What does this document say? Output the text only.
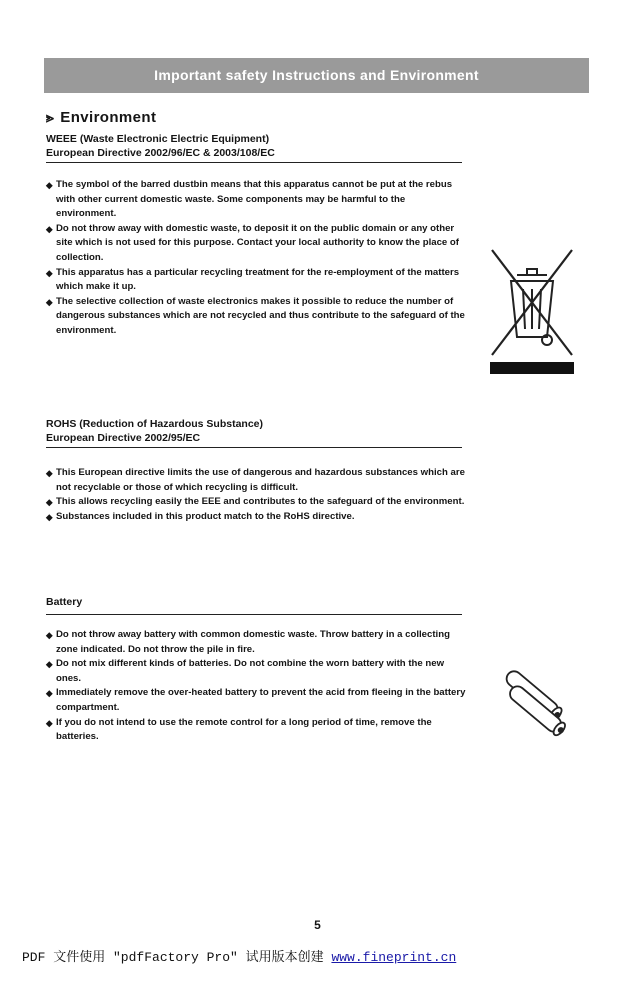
Important safety Instructions and Environment
⪢ Environment
WEEE (Waste Electronic Electric Equipment)
European Directive 2002/96/EC & 2003/108/EC
◆ The symbol of the barred dustbin means that this apparatus cannot be put at the rebus with other current domestic waste. Some components may be harmful to the environment.
◆ Do not throw away with domestic waste, to deposit it on the public domain or any other site which is not used for this purpose. Contact your local authority to know the place of collection.
◆ This apparatus has a particular recycling treatment for the re-employment of the matters which make it up.
◆ The selective collection of waste electronics makes it possible to reduce the number of dangerous substances which are not recycled and thus contribute to the safeguard of the environment.
ROHS (Reduction of Hazardous Substance)
European Directive 2002/95/EC
◆ This European directive limits the use of dangerous and hazardous substances which are not recyclable or those of which recycling is difficult.
◆ This allows recycling easily the EEE and contributes to the safeguard of the environment.
◆ Substances included in this product match to the RoHS directive.
Battery
◆ Do not throw away battery with common domestic waste. Throw battery in a collecting zone indicated. Do not throw the pile in fire.
◆ Do not mix different kinds of batteries. Do not combine the worn battery with the new ones.
◆ Immediately remove the over-heated battery to prevent the acid from fleeing in the battery compartment.
◆ If you do not intend to use the remote control for a long period of time, remove the batteries.
5
PDF 文件使用 "pdfFactory Pro" 试用版本创建 www.fineprint.cn
